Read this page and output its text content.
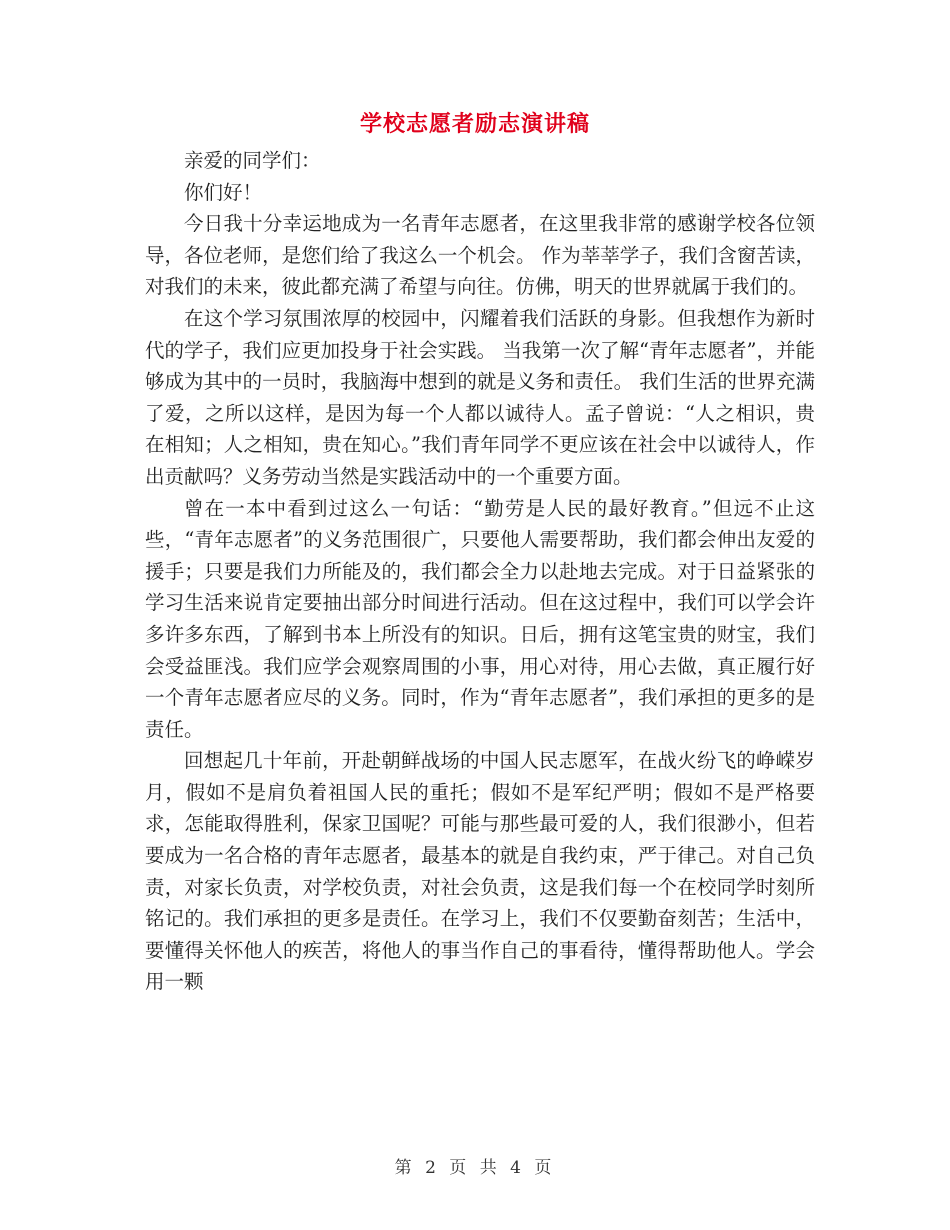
学校志愿者励志演讲稿

亲爱的同学们：

你们好！

今日我十分幸运地成为一名青年志愿者，在这里我非常的感谢学校各位领导，各位老师，是您们给了我这么一个机会。 作为莘莘学子，我们含窗苦读，对我们的未来，彼此都充满了希望与向往。仿佛，明天的世界就属于我们的。

在这个学习氛围浓厚的校园中，闪耀着我们活跃的身影。但我想作为新时代的学子，我们应更加投身于社会实践。 当我第一次了解“青年志愿者”，并能够成为其中的一员时，我脑海中想到的就是义务和责任。 我们生活的世界充满了爱，之所以这样，是因为每一个人都以诚待人。孟子曾说：“人之相识，贵在相知；人之相知，贵在知心。”我们青年同学不更应该在社会中以诚待人，作出贡献吗？义务劳动当然是实践活动中的一个重要方面。

曾在一本中看到过这么一句话：“勤劳是人民的最好教育。”但远不止这些，“青年志愿者”的义务范围很广，只要他人需要帮助，我们都会伸出友爱的援手；只要是我们力所能及的，我们都会全力以赴地去完成。对于日益紧张的学习生活来说肯定要抽出部分时间进行活动。但在这过程中，我们可以学会许多许多东西，了解到书本上所没有的知识。日后，拥有这笔宝贵的财宝，我们会受益匪浅。我们应学会观察周围的小事，用心对待，用心去做，真正履行好一个青年志愿者应尽的义务。同时，作为“青年志愿者”，我们承担的更多的是责任。

回想起几十年前，开赴朝鲜战场的中国人民志愿军，在战火纷飞的峥嵘岁月，假如不是肩负着祖国人民的重托；假如不是军纪严明；假如不是严格要求，怎能取得胜利，保家卫国呢？可能与那些最可爱的人，我们很渺小，但若要成为一名合格的青年志愿者，最基本的就是自我约束，严于律己。对自己负责，对家长负责，对学校负责，对社会负责，这是我们每一个在校同学时刻所铭记的。我们承担的更多是责任。在学习上，我们不仅要勤奋刻苦；生活中，要懂得关怀他人的疾苦，将他人的事当作自己的事看待，懂得帮助他人。学会用一颗

第 2 页 共 4 页
